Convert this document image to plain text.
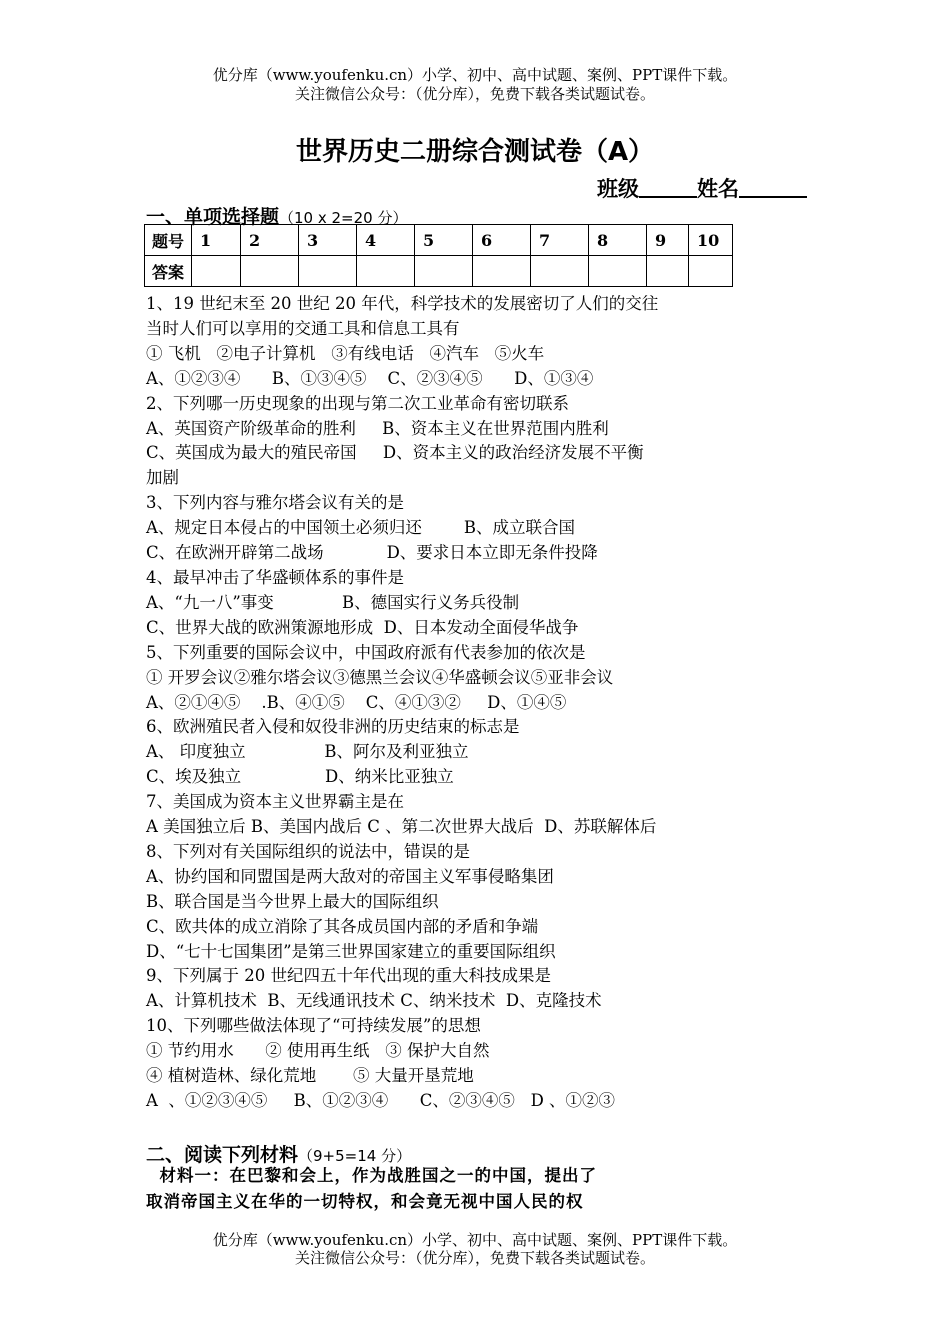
优分库（www.youfenku.cn）小学、初中、高中试题、案例、PPT课件下载。
关注微信公众号：（优分库），免费下载各类试题试卷。
世界历史二册综合测试卷（A）
班级	姓名
一、单项选择题（10 x 2=20 分）
题号	1	2	3	4	5	6	7	8	9	10
答案										
1、19 世纪末至 20 世纪 20 年代，科学技术的发展密切了人们的交往
当时人们可以享用的交通工具和信息工具有
① 飞机   ②电子计算机   ③有线电话   ④汽车   ⑤火车
A、①②③④      B、①③④⑤    C、②③④⑤      D、①③④
2、下列哪一历史现象的出现与第二次工业革命有密切联系
A、英国资产阶级革命的胜利     B、资本主义在世界范围内胜利
C、英国成为最大的殖民帝国     D、资本主义的政治经济发展不平衡
加剧
3、下列内容与雅尔塔会议有关的是
A、规定日本侵占的中国领土必须归还        B、成立联合国
C、在欧洲开辟第二战场            D、要求日本立即无条件投降
4、最早冲击了华盛顿体系的事件是
A、“九一八”事变             B、德国实行义务兵役制
C、世界大战的欧洲策源地形成  D、日本发动全面侵华战争
5、下列重要的国际会议中，中国政府派有代表参加的依次是
① 开罗会议②雅尔塔会议③德黑兰会议④华盛顿会议⑤亚非会议
A、②①④⑤    .B、④①⑤    C、④①③②     D、①④⑤
6、欧洲殖民者入侵和奴役非洲的历史结束的标志是
A、 印度独立               B、阿尔及利亚独立
C、埃及独立                D、纳米比亚独立
7、美国成为资本主义世界霸主是在
A 美国独立后 B、美国内战后 C 、第二次世界大战后  D、苏联解体后
8、下列对有关国际组织的说法中，错误的是
A、协约国和同盟国是两大敌对的帝国主义军事侵略集团
B、联合国是当今世界上最大的国际组织
C、欧共体的成立消除了其各成员国内部的矛盾和争端
D、“七十七国集团”是第三世界国家建立的重要国际组织
9、下列属于 20 世纪四五十年代出现的重大科技成果是
A、计算机技术  B、无线通讯技术 C、纳米技术  D、克隆技术
10、下列哪些做法体现了“可持续发展”的思想
① 节约用水      ② 使用再生纸   ③ 保护大自然
④ 植树造林、绿化荒地       ⑤ 大量开垦荒地
A  、①②③④⑤     B、①②③④      C、②③④⑤   D 、①②③
二、阅读下列材料（9+5=14 分）
材料一：在巴黎和会上，作为战胜国之一的中国，提出了
取消帝国主义在华的一切特权，和会竟无视中国人民的权
优分库（www.youfenku.cn）小学、初中、高中试题、案例、PPT课件下载。
关注微信公众号：（优分库），免费下载各类试题试卷。
